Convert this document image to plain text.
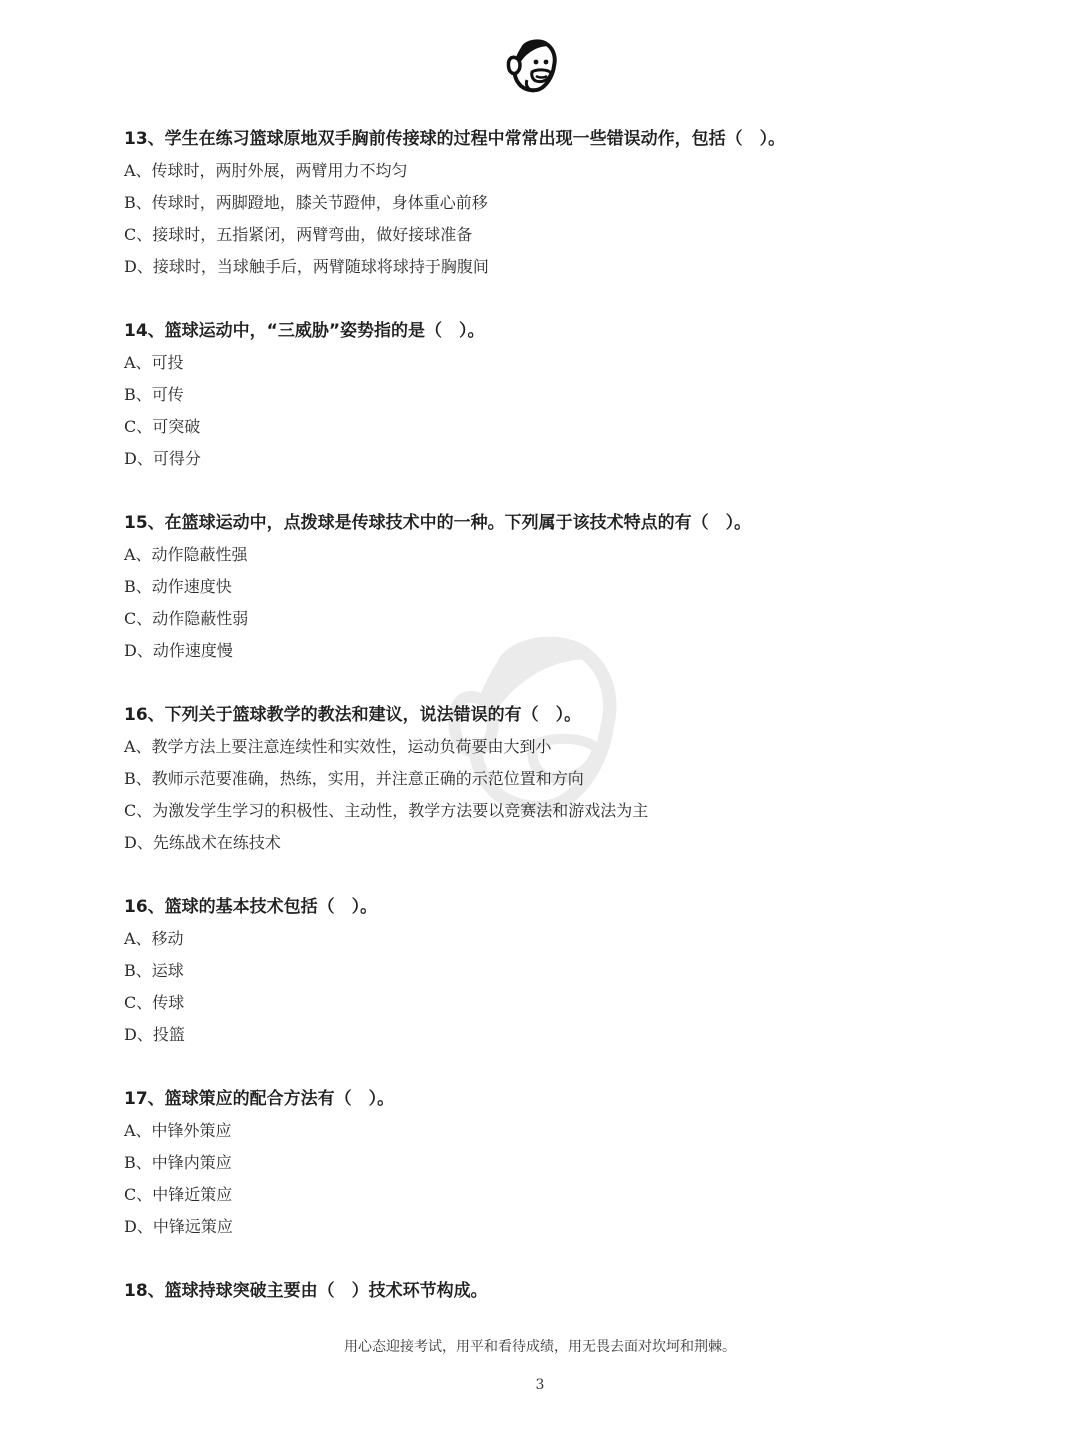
13、学生在练习篮球原地双手胸前传接球的过程中常常出现一些错误动作，包括（　）。
A、传球时，两肘外展，两臂用力不均匀
B、传球时，两脚蹬地，膝关节蹬伸，身体重心前移
C、接球时，五指紧闭，两臂弯曲，做好接球准备
D、接球时，当球触手后，两臂随球将球持于胸腹间
14、篮球运动中，“三威胁”姿势指的是（　）。
A、可投
B、可传
C、可突破
D、可得分
15、在篮球运动中，点拨球是传球技术中的一种。下列属于该技术特点的有（　）。
A、动作隐蔽性强
B、动作速度快
C、动作隐蔽性弱
D、动作速度慢
16、下列关于篮球教学的教法和建议，说法错误的有（　）。
A、教学方法上要注意连续性和实效性，运动负荷要由大到小
B、教师示范要准确，热练，实用，并注意正确的示范位置和方向
C、为激发学生学习的积极性、主动性，教学方法要以竞赛法和游戏法为主
D、先练战术在练技术
16、篮球的基本技术包括（　）。
A、移动
B、运球
C、传球
D、投篮
17、篮球策应的配合方法有（　）。
A、中锋外策应
B、中锋内策应
C、中锋近策应
D、中锋远策应
18、篮球持球突破主要由（　）技术环节构成。
用心态迎接考试，用平和看待成绩，用无畏去面对坎坷和荆棘。
3
